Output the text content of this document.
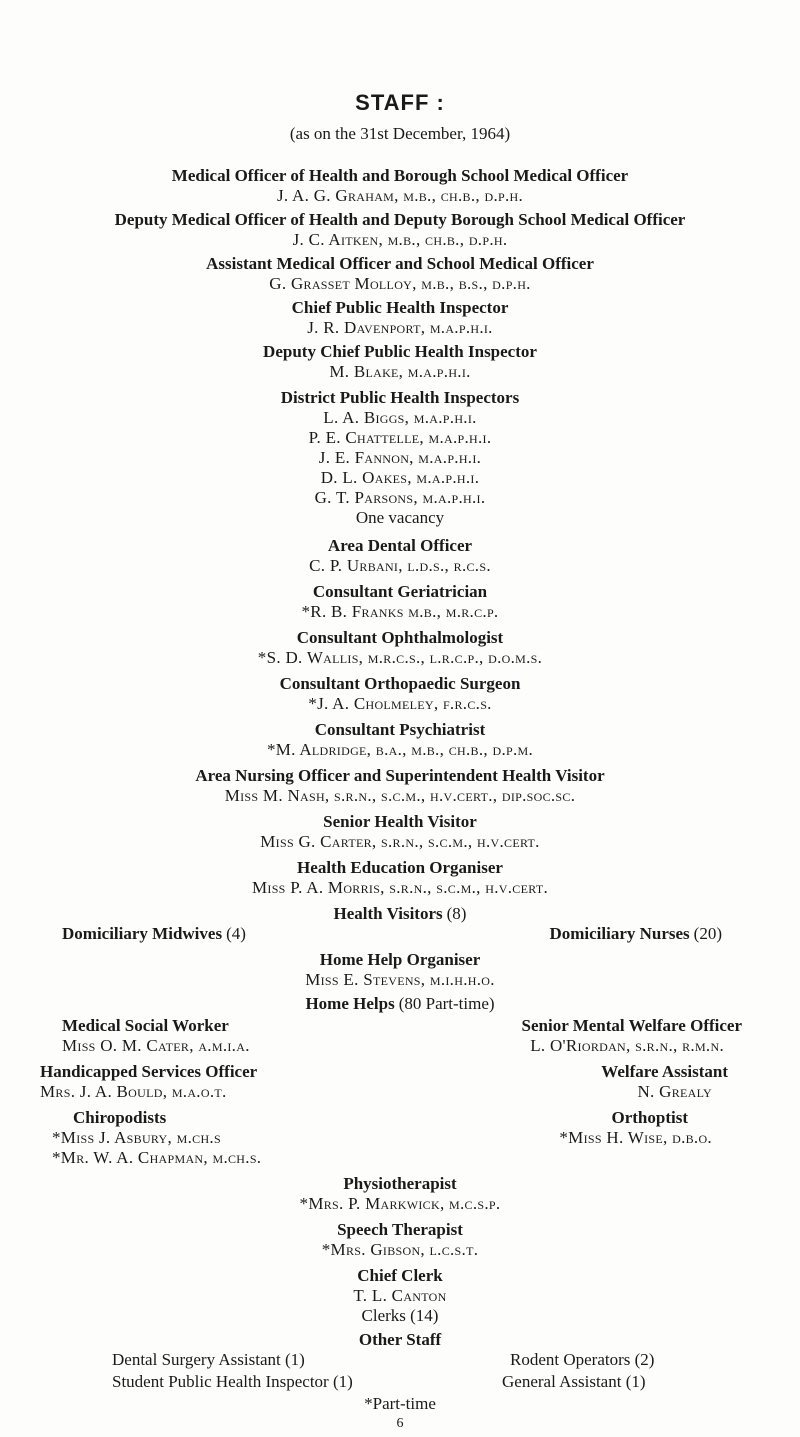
STAFF :
(as on the 31st December, 1964)
Medical Officer of Health and Borough School Medical Officer
J. A. G. Graham, m.b., ch.b., d.p.h.
Deputy Medical Officer of Health and Deputy Borough School Medical Officer
J. C. Aitken, m.b., ch.b., d.p.h.
Assistant Medical Officer and School Medical Officer
G. Grasset Molloy, m.b., b.s., d.p.h.
Chief Public Health Inspector
J. R. Davenport, m.a.p.h.i.
Deputy Chief Public Health Inspector
M. Blake, m.a.p.h.i.
District Public Health Inspectors
L. A. Biggs, m.a.p.h.i.
P. E. Chattelle, m.a.p.h.i.
J. E. Fannon, m.a.p.h.i.
D. L. Oakes, m.a.p.h.i.
G. T. Parsons, m.a.p.h.i.
One vacancy
Area Dental Officer
C. P. Urbani, l.d.s., r.c.s.
Consultant Geriatrician
*R. B. Franks m.b., m.r.c.p.
Consultant Ophthalmologist
*S. D. Wallis, m.r.c.s., l.r.c.p., d.o.m.s.
Consultant Orthopaedic Surgeon
*J. A. Cholmeley, f.r.c.s.
Consultant Psychiatrist
*M. Aldridge, b.a., m.b., ch.b., d.p.m.
Area Nursing Officer and Superintendent Health Visitor
Miss M. Nash, s.r.n., s.c.m., h.v.cert., dip.soc.sc.
Senior Health Visitor
Miss G. Carter, s.r.n., s.c.m., h.v.cert.
Health Education Organiser
Miss P. A. Morris, s.r.n., s.c.m., h.v.cert.
Health Visitors (8)
Domiciliary Midwives (4)	Domiciliary Nurses (20)
Home Help Organiser
Miss E. Stevens, m.i.h.h.o.
Home Helps (80 Part-time)
Medical Social Worker
Miss O. M. Cater, a.m.i.a.
Senior Mental Welfare Officer
L. O'Riordan, s.r.n., r.m.n.
Handicapped Services Officer
Mrs. J. A. Bould, m.a.o.t.
Welfare Assistant
N. Grealy
Chiropodists
*Miss J. Asbury, m.ch.s
*Mr. W. A. Chapman, m.ch.s.
Orthoptist
*Miss H. Wise, d.b.o.
Physiotherapist
*Mrs. P. Markwick, m.c.s.p.
Speech Therapist
*Mrs. Gibson, l.c.s.t.
Chief Clerk
T. L. Canton
Clerks (14)
Other Staff
Dental Surgery Assistant (1)
Student Public Health Inspector (1)
Rodent Operators (2)
General Assistant (1)
*Part-time
6
